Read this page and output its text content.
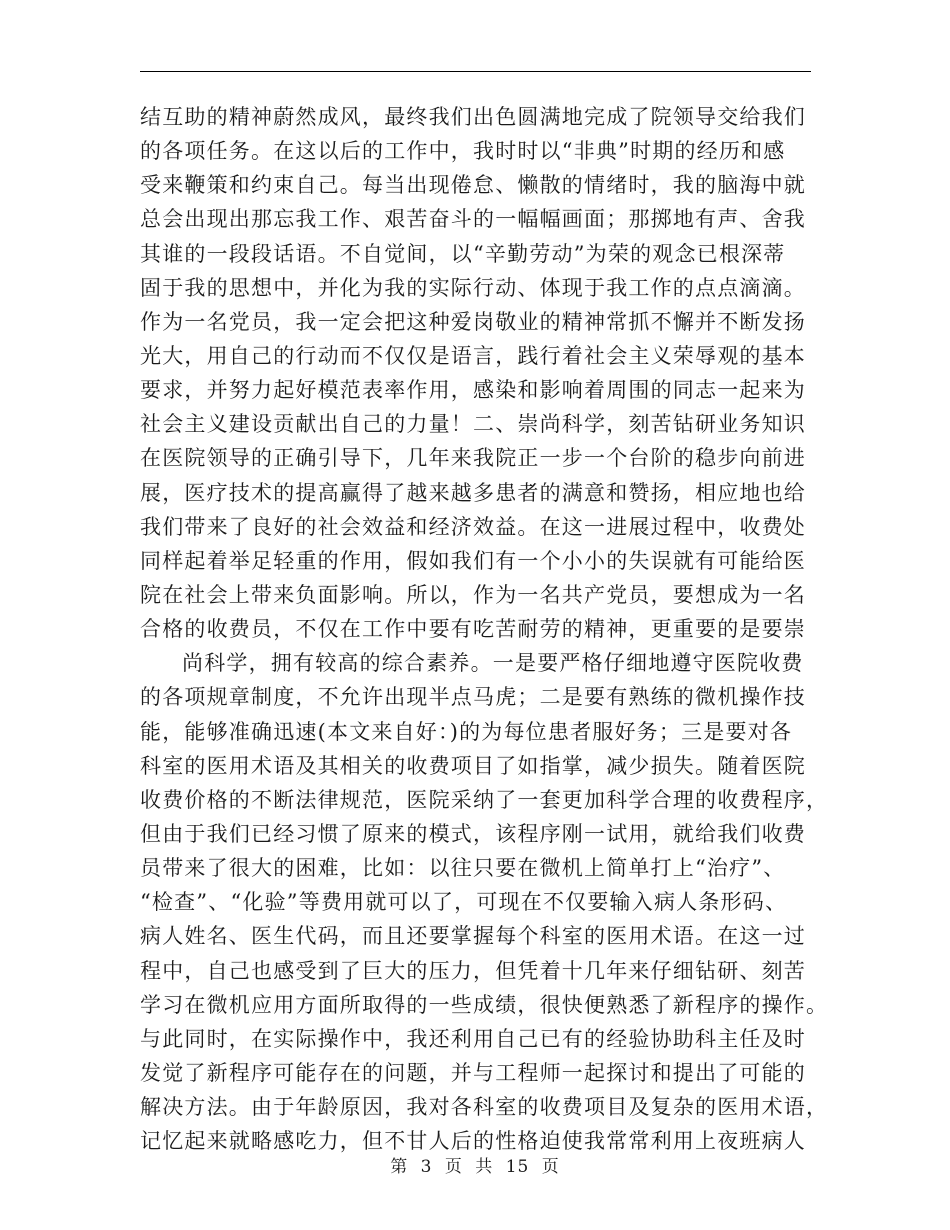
结互助的精神蔚然成风，最终我们出色圆满地完成了院领导交给我们
的各项任务。在这以后的工作中，我时时以“非典”时期的经历和感
受来鞭策和约束自己。每当出现倦怠、懒散的情绪时，我的脑海中就
总会出现出那忘我工作、艰苦奋斗的一幅幅画面；那掷地有声、舍我
其谁的一段段话语。不自觉间，以“辛勤劳动”为荣的观念已根深蒂
固于我的思想中，并化为我的实际行动、体现于我工作的点点滴滴。
作为一名党员，我一定会把这种爱岗敬业的精神常抓不懈并不断发扬
光大，用自己的行动而不仅仅是语言，践行着社会主义荣辱观的基本
要求，并努力起好模范表率作用，感染和影响着周围的同志一起来为
社会主义建设贡献出自己的力量！二、崇尚科学，刻苦钻研业务知识
在医院领导的正确引导下，几年来我院正一步一个台阶的稳步向前进
展，医疗技术的提高赢得了越来越多患者的满意和赞扬，相应地也给
我们带来了良好的社会效益和经济效益。在这一进展过程中，收费处
同样起着举足轻重的作用，假如我们有一个小小的失误就有可能给医
院在社会上带来负面影响。所以，作为一名共产党员，要想成为一名
合格的收费员，不仅在工作中要有吃苦耐劳的精神，更重要的是要崇
尚科学，拥有较高的综合素养。一是要严格仔细地遵守医院收费
的各项规章制度，不允许出现半点马虎；二是要有熟练的微机操作技
能，能够准确迅速(本文来自好：)的为每位患者服好务；三是要对各
科室的医用术语及其相关的收费项目了如指掌，减少损失。随着医院
收费价格的不断法律规范，医院采纳了一套更加科学合理的收费程序，
但由于我们已经习惯了原来的模式，该程序刚一试用，就给我们收费
员带来了很大的困难，比如：以往只要在微机上简单打上“治疗”、
“检查”、“化验”等费用就可以了，可现在不仅要输入病人条形码、
病人姓名、医生代码，而且还要掌握每个科室的医用术语。在这一过
程中，自己也感受到了巨大的压力，但凭着十几年来仔细钻研、刻苦
学习在微机应用方面所取得的一些成绩，很快便熟悉了新程序的操作。
与此同时，在实际操作中，我还利用自己已有的经验协助科主任及时
发觉了新程序可能存在的问题，并与工程师一起探讨和提出了可能的
解决方法。由于年龄原因，我对各科室的收费项目及复杂的医用术语，
记忆起来就略感吃力，但不甘人后的性格迫使我常常利用上夜班病人
第 3 页 共 15 页
